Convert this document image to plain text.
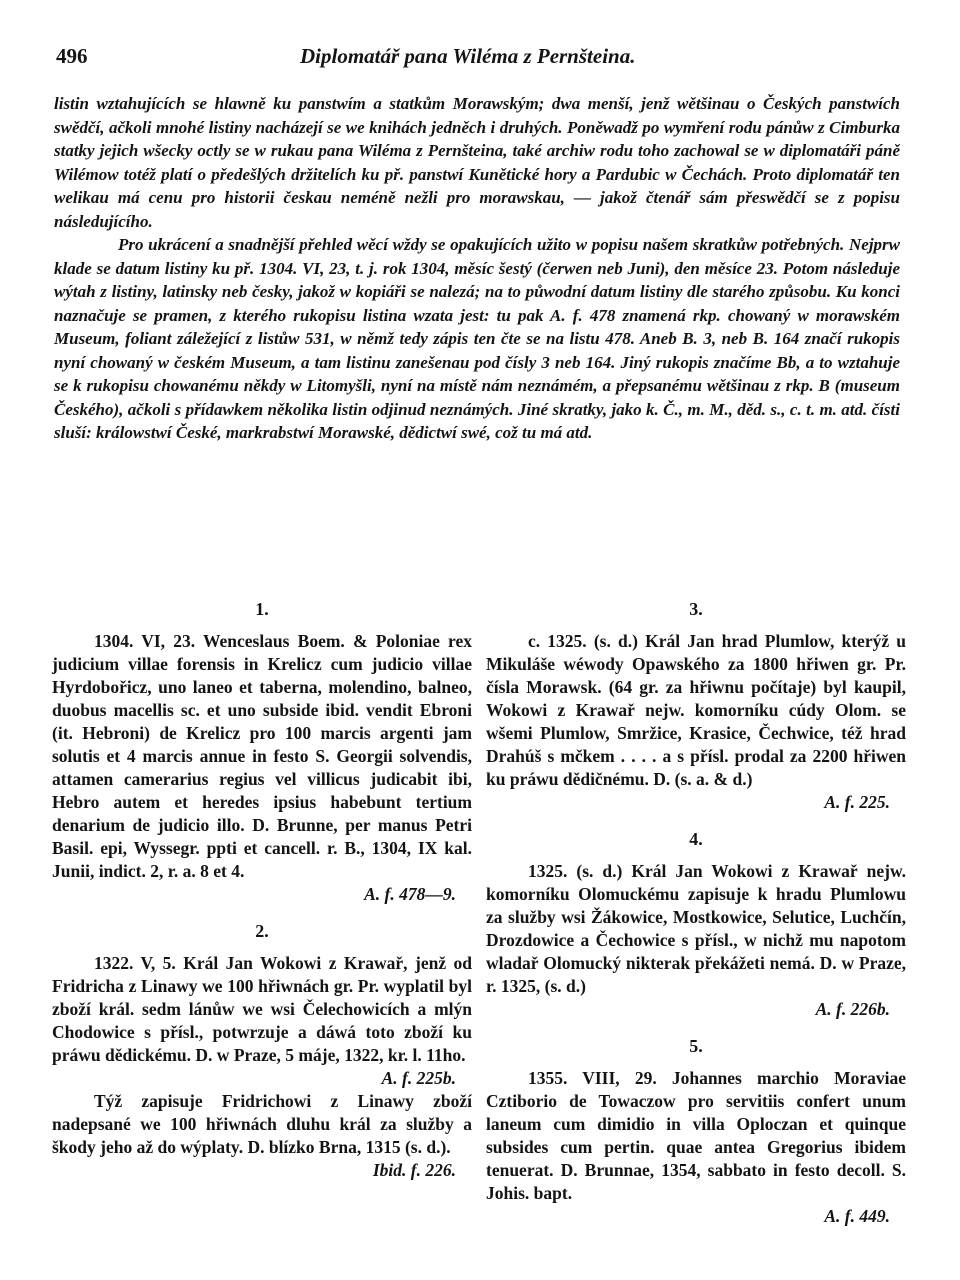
496	Diplomatář pana Wiléma z Pernšteina.

listin wztahujících se hlawně ku panstwím a statkům Morawským; dwa menší, jenž wětšinau o Českých panstwích swědčí, ačkoli mnohé listiny nacházejí se we knihách jedněch i druhých. Poněwadž po wymření rodu pánůw z Cimburka statky jejich wšecky octly se w rukau pana Wiléma z Pernšteina, také archiw rodu toho zachowal se w diplomatáři páně Wilémow totéž platí o předešlých držitelích ku př. panstwí Kunětické hory a Pardubic w Čechách. Proto diplomatář ten welikau má cenu pro historii českau neméně nežli pro morawskau, — jakož čtenář sám přeswědčí se z popisu následujícího.

Pro ukrácení a snadnější přehled wěcí wždy se opakujících užito w popisu našem skratkůw potřebných. Nejprw klade se datum listiny ku př. 1304. VI, 23, t. j. rok 1304, měsíc šestý (čerwen neb Juni), den měsíce 23. Potom následuje wýtah z listiny, latinsky neb česky, jakož w kopiáři se nalezá; na to půwodní datum listiny dle starého způsobu. Ku konci naznačuje se pramen, z kterého rukopisu listina wzata jest: tu pak A. f. 478 znamená rkp. chowaný w morawském Museum, foliant záležející z listůw 531, w němž tedy zápis ten čte se na listu 478. Aneb B. 3, neb B. 164 značí rukopis nyní chowaný w českém Museum, a tam listinu zanešenau pod čísly 3 neb 164. Jiný rukopis značíme Bb, a to wztahuje se k rukopisu chowanému někdy w Litomyšli, nyní na místě nám neznámém, a přepsanému wětšinau z rkp. B (museum Českého), ačkoli s přídawkem několika listin odjinud neznámých. Jiné skratky, jako k. Č., m. M., děd. s., c. t. m. atd. čísti sluší: králowstwí České, markrabstwí Morawské, dědictwí swé, což tu má atd.

1.

1304. VI, 23. Wenceslaus Boem. & Poloniae rex judicium villae forensis in Krelicz cum judicio villae Hyrdobořicz, uno laneo et taberna, molendino, balneo, duobus macellis sc. et uno subside ibid. vendit Ebroni (it. Hebroni) de Krelicz pro 100 marcis argenti jam solutis et 4 marcis annue in festo S. Georgii solvendis, attamen camerarius regius vel villicus judicabit ibi, Hebro autem et heredes ipsius habebunt tertium denarium de judicio illo. D. Brunne, per manus Petri Basil. epi, Wyssegr. ppti et cancell. r. B., 1304, IX kal. Junii, indict. 2, r. a. 8 et 4.

A. f. 478—9.
2.

1322. V, 5. Král Jan Wokowi z Krawař, jenž od Fridricha z Linawy we 100 hřiwnách gr. Pr. wyplatil byl zboží král. sedm lánůw we wsi Čelechowicích a mlýn Chodowice s přísl., potwrzuje a dáwá toto zboží ku práwu dědickému. D. w Praze, 5 máje, 1322, kr. l. 11ho.

A. f. 225b.

Týž zapisuje Fridrichowi z Linawy zboží nadepsané we 100 hřiwnách dluhu král za služby a škody jeho až do wýplaty. D. blízko Brna, 1315 (s. d.).

Ibid. f. 226.
3.

c. 1325. (s. d.) Král Jan hrad Plumlow, kterýž u Mikuláše wéwody Opawského za 1800 hřiwen gr. Pr. čísla Morawsk. (64 gr. za hřiwnu počítaje) byl kaupil, Wokowi z Krawař nejw. komorníku cúdy Olom. se wšemi Plumlow, Smržice, Krasice, Čechwice, též hrad Drahúš s mčkem . . . . a s přísl. prodal za 2200 hřiwen ku práwu dědičnému. D. (s. a. & d.)

A. f. 225.
4.

1325. (s. d.) Král Jan Wokowi z Krawař nejw. komorníku Olomuckému zapisuje k hradu Plumlowu za služby wsi Žákowice, Mostkowice, Selutice, Luchčín, Drozdowice a Čechowice s přísl., w nichž mu napotom wladař Olomucký nikterak překážeti nemá. D. w Praze, r. 1325, (s. d.)

A. f. 226b.
5.

1355. VIII, 29. Johannes marchio Moraviae Cztiborio de Towaczow pro servitiis confert unum laneum cum dimidio in villa Oploczan et quinque subsides cum pertin. quae antea Gregorius ibidem tenuerat. D. Brunnae, 1354, sabbato in festo decoll. S. Johis. bapt.

A. f. 449.
